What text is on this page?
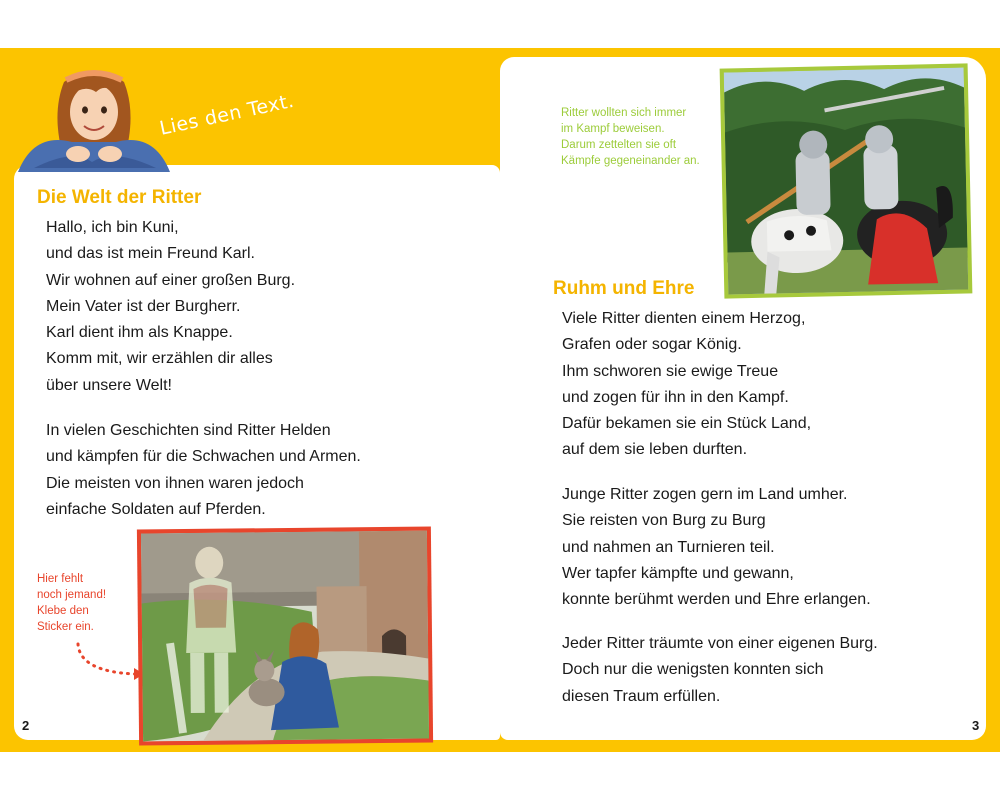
Lies den Text.

Die Welt der Ritter
Hallo, ich bin Kuni,
und das ist mein Freund Karl.
Wir wohnen auf einer großen Burg.
Mein Vater ist der Burgherr.
Karl dient ihm als Knappe.
Komm mit, wir erzählen dir alles
über unsere Welt!
In vielen Geschichten sind Ritter Helden
und kämpfen für die Schwachen und Armen.
Die meisten von ihnen waren jedoch
einfache Soldaten auf Pferden.
Hier fehlt
noch jemand!
Klebe den
Sticker ein.

2

Ritter wollten sich immer
im Kampf beweisen.
Darum zettelten sie oft
Kämpfe gegeneinander an.
Ruhm und Ehre
Viele Ritter dienten einem Herzog,
Grafen oder sogar König.
Ihm schworen sie ewige Treue
und zogen für ihn in den Kampf.
Dafür bekamen sie ein Stück Land,
auf dem sie leben durften.
Junge Ritter zogen gern im Land umher.
Sie reisten von Burg zu Burg
und nahmen an Turnieren teil.
Wer tapfer kämpfte und gewann,
konnte berühmt werden und Ehre erlangen.
Jeder Ritter träumte von einer eigenen Burg.
Doch nur die wenigsten konnten sich
diesen Traum erfüllen.

3
